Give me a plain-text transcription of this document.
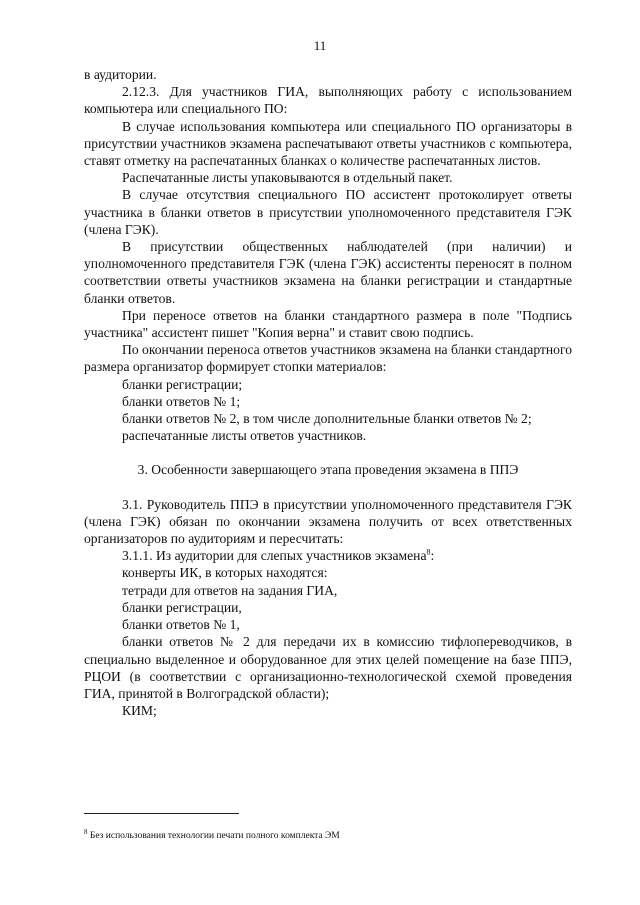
11

в аудитории.

2.12.3. Для участников ГИА, выполняющих работу с использованием компьютера или специального ПО:

В случае использования компьютера или специального ПО организаторы в присутствии участников экзамена распечатывают ответы участников с компьютера, ставят отметку на распечатанных бланках о количестве распечатанных листов.

Распечатанные листы упаковываются в отдельный пакет.

В случае отсутствия специального ПО ассистент протоколирует ответы участника в бланки ответов в присутствии уполномоченного представителя ГЭК (члена ГЭК).

В присутствии общественных наблюдателей (при наличии) и уполномоченного представителя ГЭК (члена ГЭК) ассистенты переносят в полном соответствии ответы участников экзамена на бланки регистрации и стандартные бланки ответов.

При переносе ответов на бланки стандартного размера в поле "Подпись участника" ассистент пишет "Копия верна" и ставит свою подпись.

По окончании переноса ответов участников экзамена на бланки стандартного размера организатор формирует стопки материалов:

бланки регистрации;

бланки ответов № 1;

бланки ответов № 2, в том числе дополнительные бланки ответов № 2;

распечатанные листы ответов участников.

3. Особенности завершающего этапа проведения экзамена в ППЭ

3.1. Руководитель ППЭ в присутствии уполномоченного представителя ГЭК (члена ГЭК) обязан по окончании экзамена получить от всех ответственных организаторов по аудиториям и пересчитать:

3.1.1. Из аудитории для слепых участников экзамена$^8$:

конверты ИК, в которых находятся:

тетради для ответов на задания ГИА,

бланки регистрации,

бланки ответов № 1,

бланки ответов № 2 для передачи их в комиссию тифлопереводчиков, в специально выделенное и оборудованное для этих целей помещение на базе ППЭ, РЦОИ (в соответствии с организационно-технологической схемой проведения ГИА, принятой в Волгоградской области);

КИМ;

$^8$ Без использования технологии печати полного комплекта ЭМ
